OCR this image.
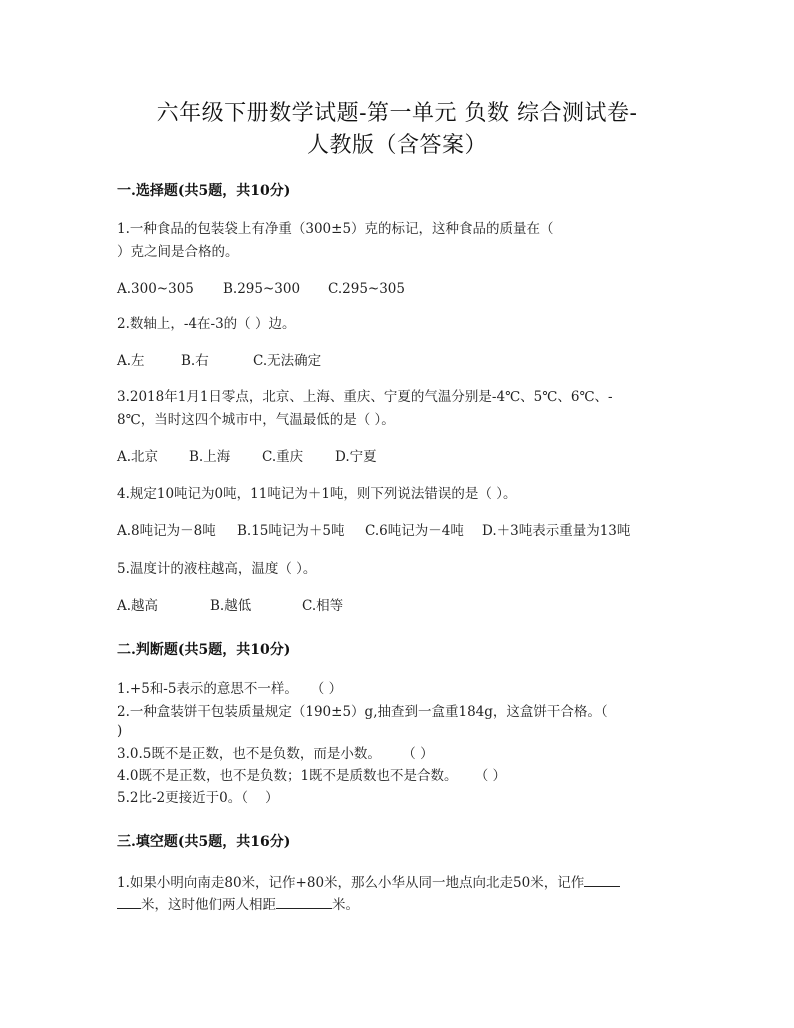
六年级下册数学试题-第一单元 负数 综合测试卷-
人教版（含答案）
一.选择题(共5题，共10分)
1.一种食品的包装袋上有净重（300±5）克的标记，这种食品的质量在（
）克之间是合格的。
A.300~305 B.295~300 C.295~305
2.数轴上，-4在-3的（ ）边。
A.左	B.右	C.无法确定
3.2018年1月1日零点，北京、上海、重庆、宁夏的气温分别是-4℃、5℃、6℃、-
8℃，当时这四个城市中，气温最低的是（ ）。
A.北京 B.上海 C.重庆 D.宁夏
4.规定10吨记为0吨，11吨记为＋1吨，则下列说法错误的是（ ）。
A.8吨记为－8吨 B.15吨记为＋5吨 C.6吨记为－4吨 D.＋3吨表示重量为13吨
5.温度计的液柱越高，温度（ ）。
A.越高	B.越低	C.相等
二.判断题(共5题，共10分)
1.+5和-5表示的意思不一样。   （ ）
2.一种盒装饼干包装质量规定（190±5）g,抽查到一盒重184g，这盒饼干合格。（
)
3.0.5既不是正数，也不是负数，而是小数。     （ ）
4.0既不是正数，也不是负数；1既不是质数也不是合数。    （ ）
5.2比-2更接近于0。（    ）
三.填空题(共5题，共16分)
1.如果小明向南走80米，记作+80米，那么小华从同一地点向北走50米，记作
米，这时他们两人相距	米。
